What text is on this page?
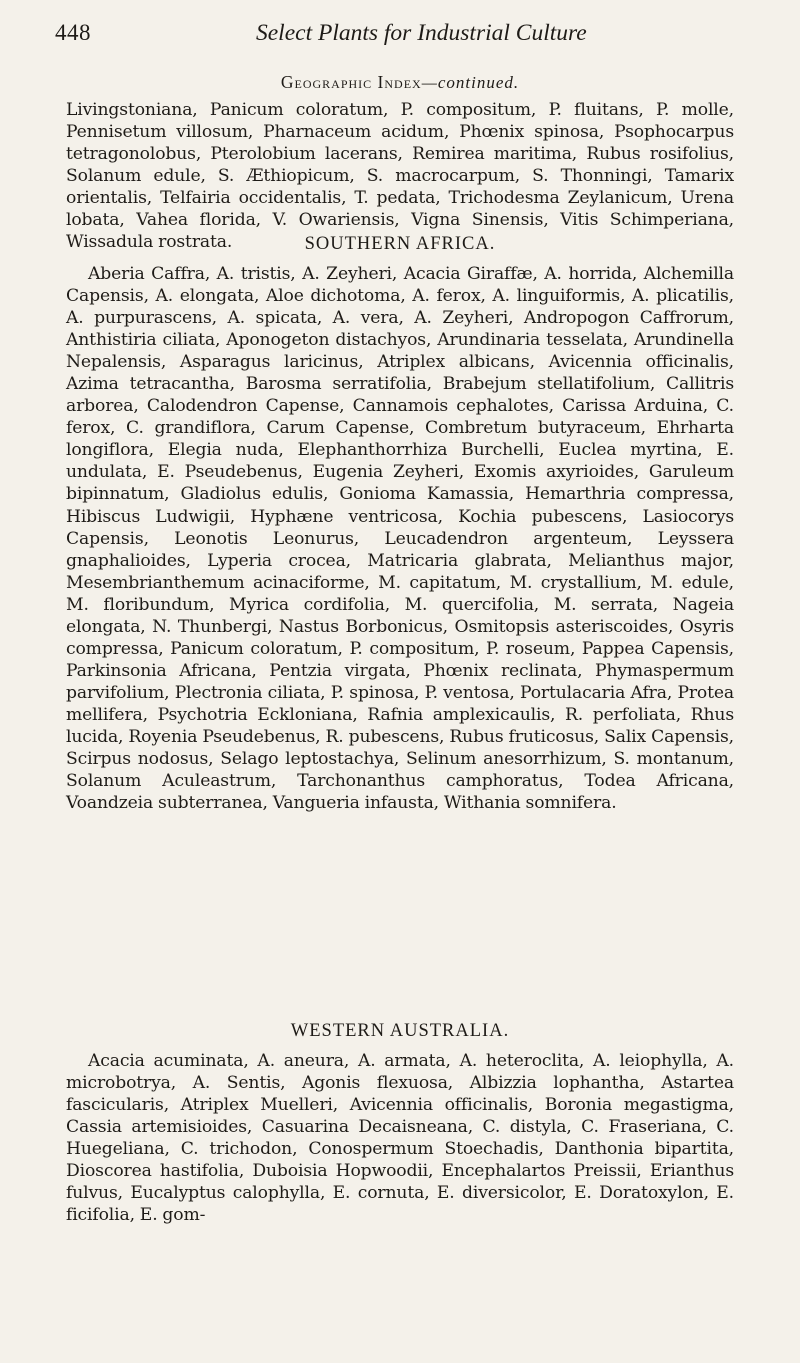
448	Select Plants for Industrial Culture
Geographic Index—continued.

Livingstoniana, Panicum coloratum, P. compositum, P. fluitans, P. molle, Pennisetum villosum, Pharnaceum acidum, Phœnix spinosa, Psophocarpus tetragonolobus, Pterolobium lacerans, Remirea maritima, Rubus rosifolius, Solanum edule, S. Æthiopicum, S. macrocarpum, S. Thonningi, Tamarix orientalis, Telfairia occidentalis, T. pedata, Trichodesma Zeylanicum, Urena lobata, Vahea florida, V. Owariensis, Vigna Sinensis, Vitis Schimperiana, Wissadula rostrata.	SOUTHERN AFRICA.

Aberia Caffra, A. tristis, A. Zeyheri, Acacia Giraffæ, A. horrida, Alchemilla Capensis, A. elongata, Aloe dichotoma, A. ferox, A. linguiformis, A. plicatilis, A. purpurascens, A. spicata, A. vera, A. Zeyheri, Andropogon Caffrorum, Anthistiria ciliata, Aponogeton distachyos, Arundinaria tesselata, Arundinella Nepalensis, Asparagus laricinus, Atriplex albicans, Avicennia officinalis, Azima tetracantha, Barosma serratifolia, Brabejum stellatifolium, Callitris arborea, Calodendron Capense, Cannamois cephalotes, Carissa Arduina, C. ferox, C. grandiflora, Carum Capense, Combretum butyraceum, Ehrharta longiflora, Elegia nuda, Elephanthorrhiza Burchelli, Euclea myrtina, E. undulata, E. Pseudebenus, Eugenia Zeyheri, Exomis axyrioides, Garuleum bipinnatum, Gladiolus edulis, Gonioma Kamassia, Hemarthria compressa, Hibiscus Ludwigii, Hyphæne ventricosa, Kochia pubescens, Lasiocorys Capensis, Leonotis Leonurus, Leucadendron argenteum, Leyssera gnaphalioides, Lyperia crocea, Matricaria glabrata, Melianthus major, Mesembrianthemum acinaciforme, M. capitatum, M. crystallium, M. edule, M. floribundum, Myrica cordifolia, M. quercifolia, M. serrata, Nageia elongata, N. Thunbergi, Nastus Borbonicus, Osmitopsis asteriscoides, Osyris compressa, Panicum coloratum, P. compositum, P. roseum, Pappea Capensis, Parkinsonia Africana, Pentzia virgata, Phœnix reclinata, Phymaspermum parvifolium, Plectronia ciliata, P. spinosa, P. ventosa, Portulacaria Afra, Protea mellifera, Psychotria Eckloniana, Rafnia amplexicaulis, R. perfoliata, Rhus lucida, Royenia Pseudebenus, R. pubescens, Rubus fruticosus, Salix Capensis, Scirpus nodosus, Selago leptostachya, Selinum anesorrhizum, S. montanum, Solanum Aculeastrum, Tarchonanthus camphoratus, Todea Africana, Voandzeia subterranea, Vangueria infausta, Withania somnifera.

WESTERN AUSTRALIA.

Acacia acuminata, A. aneura, A. armata, A. heteroclita, A. leiophylla, A. microbotrya, A. Sentis, Agonis flexuosa, Albizzia lophantha, Astartea fascicularis, Atriplex Muelleri, Avicennia officinalis, Boronia megastigma, Cassia artemisioides, Casuarina Decaisneana, C. distyla, C. Fraseriana, C. Huegeliana, C. trichodon, Conospermum Stoechadis, Danthonia bipartita, Dioscorea hastifolia, Duboisia Hopwoodii, Encephalartos Preissii, Erianthus fulvus, Eucalyptus calophylla, E. cornuta, E. diversicolor, E. Doratoxylon, E. ficifolia, E. gom-
